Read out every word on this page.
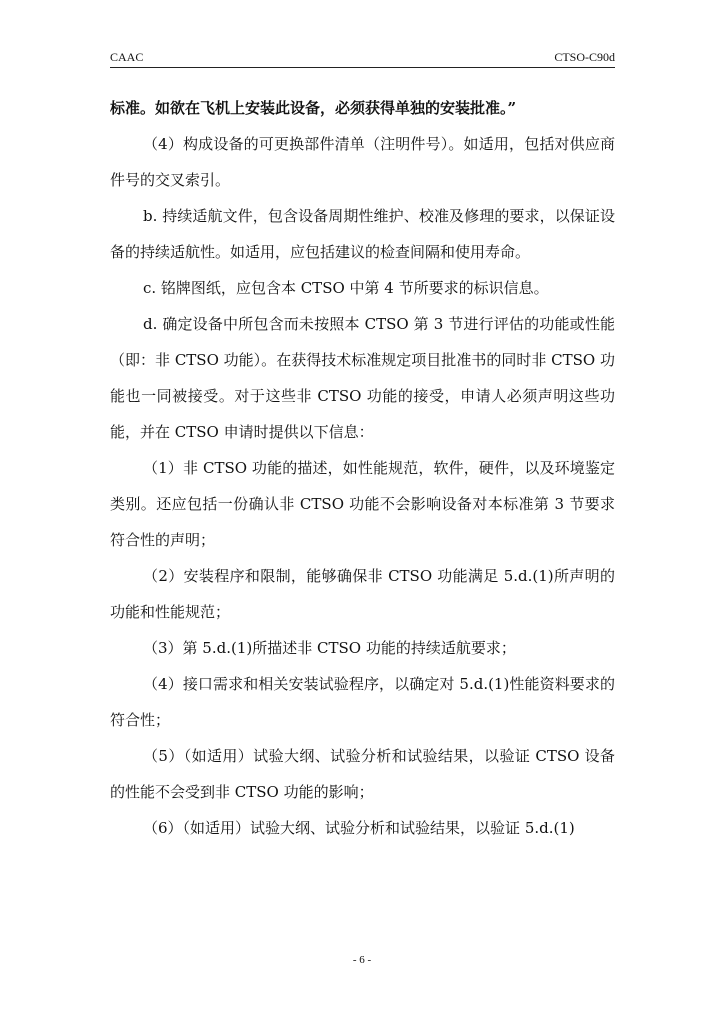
CAAC	CTSO-C90d

标准。如欲在飞机上安装此设备，必须获得单独的安装批准。”

（4）构成设备的可更换部件清单（注明件号）。如适用，包括对供应商件号的交叉索引。

b. 持续适航文件，包含设备周期性维护、校准及修理的要求，以保证设备的持续适航性。如适用，应包括建议的检查间隔和使用寿命。

c. 铭牌图纸，应包含本 CTSO 中第 4 节所要求的标识信息。

d. 确定设备中所包含而未按照本 CTSO 第 3 节进行评估的功能或性能（即：非 CTSO 功能）。在获得技术标准规定项目批准书的同时非 CTSO 功能也一同被接受。对于这些非 CTSO 功能的接受，申请人必须声明这些功能，并在 CTSO 申请时提供以下信息：

（1）非 CTSO 功能的描述，如性能规范，软件，硬件，以及环境鉴定类别。还应包括一份确认非 CTSO 功能不会影响设备对本标准第 3 节要求符合性的声明；

（2）安装程序和限制，能够确保非 CTSO 功能满足 5.d.(1)所声明的功能和性能规范；

（3）第 5.d.(1)所描述非 CTSO 功能的持续适航要求；

（4）接口需求和相关安装试验程序，以确定对 5.d.(1)性能资料要求的符合性；

（5）（如适用）试验大纲、试验分析和试验结果，以验证 CTSO 设备的性能不会受到非 CTSO 功能的影响；

（6）（如适用）试验大纲、试验分析和试验结果，以验证 5.d.(1)

- 6 -
